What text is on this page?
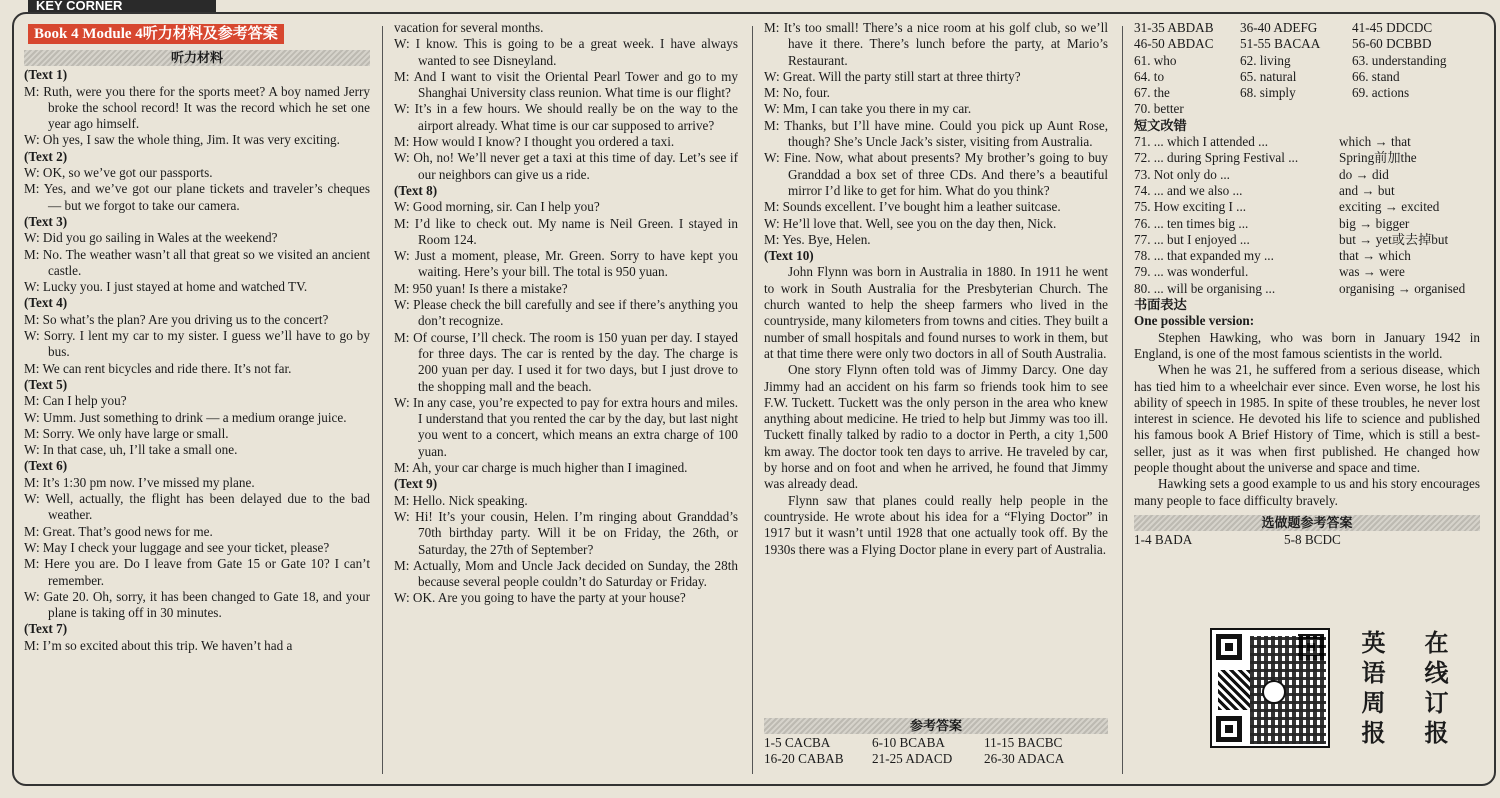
KEY CORNER
Book 4 Module 4听力材料及参考答案
听力材料
(Text 1)
M: Ruth, were you there for the sports meet? A boy named Jerry broke the school record! It was the record which he set one year ago himself.
W: Oh yes, I saw the whole thing, Jim. It was very exciting.
(Text 2)
W: OK, so we’ve got our passports.
M: Yes, and we’ve got our plane tickets and traveler’s cheques — but we forgot to take our camera.
(Text 3)
W: Did you go sailing in Wales at the weekend?
M: No. The weather wasn’t all that great so we visited an ancient castle.
W: Lucky you. I just stayed at home and watched TV.
(Text 4)
M: So what’s the plan? Are you driving us to the concert?
W: Sorry. I lent my car to my sister. I guess we’ll have to go by bus.
M: We can rent bicycles and ride there. It’s not far.
(Text 5)
M: Can I help you?
W: Umm. Just something to drink — a medium orange juice.
M: Sorry. We only have large or small.
W: In that case, uh, I’ll take a small one.
(Text 6)
M: It’s 1:30 pm now. I’ve missed my plane.
W: Well, actually, the flight has been delayed due to the bad weather.
M: Great. That’s good news for me.
W: May I check your luggage and see your ticket, please?
M: Here you are. Do I leave from Gate 15 or Gate 10? I can’t remember.
W: Gate 20. Oh, sorry, it has been changed to Gate 18, and your plane is taking off in 30 minutes.
(Text 7)
M: I’m so excited about this trip. We haven’t had a
vacation for several months.
W: I know. This is going to be a great week. I have always wanted to see Disneyland.
M: And I want to visit the Oriental Pearl Tower and go to my Shanghai University class reunion. What time is our flight?
W: It’s in a few hours. We should really be on the way to the airport already. What time is our car supposed to arrive?
M: How would I know? I thought you ordered a taxi.
W: Oh, no! We’ll never get a taxi at this time of day. Let’s see if our neighbors can give us a ride.
(Text 8)
W: Good morning, sir. Can I help you?
M: I’d like to check out. My name is Neil Green. I stayed in Room 124.
W: Just a moment, please, Mr. Green. Sorry to have kept you waiting. Here’s your bill. The total is 950 yuan.
M: 950 yuan! Is there a mistake?
W: Please check the bill carefully and see if there’s anything you don’t recognize.
M: Of course, I’ll check. The room is 150 yuan per day. I stayed for three days. The car is rented by the day. The charge is 200 yuan per day. I used it for two days, but I just drove to the shopping mall and the beach.
W: In any case, you’re expected to pay for extra hours and miles. I understand that you rented the car by the day, but last night you went to a concert, which means an extra charge of 100 yuan.
M: Ah, your car charge is much higher than I imagined.
(Text 9)
M: Hello. Nick speaking.
W: Hi! It’s your cousin, Helen. I’m ringing about Granddad’s 70th birthday party. Will it be on Friday, the 26th, or Saturday, the 27th of September?
M: Actually, Mom and Uncle Jack decided on Sunday, the 28th because several people couldn’t do Saturday or Friday.
W: OK. Are you going to have the party at your house?
M: It’s too small! There’s a nice room at his golf club, so we’ll have it there. There’s lunch before the party, at Mario’s Restaurant.
W: Great. Will the party still start at three thirty?
M: No, four.
W: Mm, I can take you there in my car.
M: Thanks, but I’ll have mine. Could you pick up Aunt Rose, though? She’s Uncle Jack’s sister, visiting from Australia.
W: Fine. Now, what about presents? My brother’s going to buy Granddad a box set of three CDs. And there’s a beautiful mirror I’d like to get for him. What do you think?
M: Sounds excellent. I’ve bought him a leather suitcase.
W: He’ll love that. Well, see you on the day then, Nick.
M: Yes. Bye, Helen.
(Text 10)
John Flynn was born in Australia in 1880. In 1911 he went to work in South Australia for the Presbyterian Church. The church wanted to help the sheep farmers who lived in the countryside, many kilometers from towns and cities. They built a number of small hospitals and found nurses to work in them, but at that time there were only two doctors in all of South Australia.
One story Flynn often told was of Jimmy Darcy. One day Jimmy had an accident on his farm so friends took him to see F.W. Tuckett. Tuckett was the only person in the area who knew anything about medicine. He tried to help but Jimmy was too ill. Tuckett finally talked by radio to a doctor in Perth, a city 1,500 km away. The doctor took ten days to arrive. He traveled by car, by horse and on foot and when he arrived, he found that Jimmy was already dead.
Flynn saw that planes could really help people in the countryside. He wrote about his idea for a “Flying Doctor” in 1917 but it wasn’t until 1928 that one actually took off. By the 1930s there was a Flying Doctor plane in every part of Australia.
参考答案
1-5 CACBA	6-10 BCABA	11-15 BACBC
16-20 CABAB	21-25 ADACD	26-30 ADACA
31-35 ABDAB	36-40 ADEFG	41-45 DDCDC
46-50 ABDAC	51-55 BACAA	56-60 DCBBD
61. who	62. living	63. understanding
64. to	65. natural	66. stand
67. the	68. simply	69. actions
70. better
短文改错
71. ... which I attended ...	which → that
72. ... during Spring Festival ...	Spring前加the
73. Not only do ...	do → did
74. ... and we also ...	and → but
75. How exciting I ...	exciting → excited
76. ... ten times big ...	big → bigger
77. ... but I enjoyed ...	but → yet或去掉but
78. ... that expanded my ...	that → which
79. ... was wonderful.	was → were
80. ... will be organising ...	organising → organised
书面表达
One possible version:
Stephen Hawking, who was born in January 1942 in England, is one of the most famous scientists in the world.
When he was 21, he suffered from a serious disease, which has tied him to a wheelchair ever since. Even worse, he lost his ability of speech in 1985. In spite of these troubles, he never lost interest in science. He devoted his life to science and published his famous book A Brief History of Time, which is still a best-seller, just as it was when first published. He changed how people thought about the universe and space and time.
Hawking sets a good example to us and his story encourages many people to face difficulty bravely.
选做题参考答案
1-4 BADA	5-8 BCDC
英	在
语	线
周	订
报	报
